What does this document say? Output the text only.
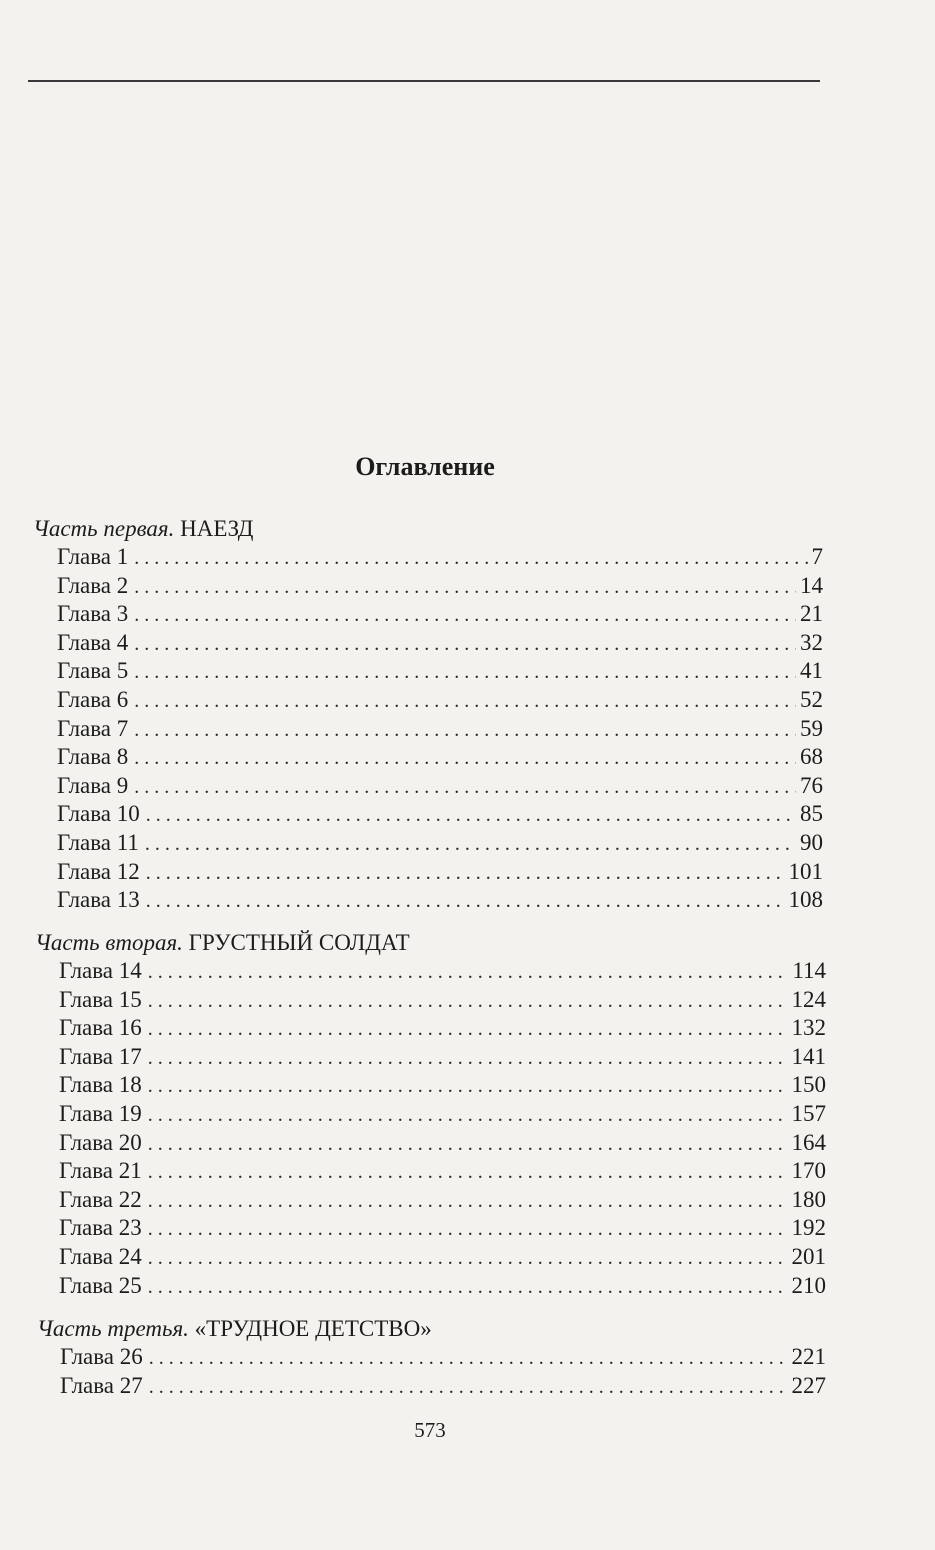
Оглавление
Часть первая. НАЕЗД
Глава 1 . . .	7
Глава 2 . . .	14
Глава 3 . . .	21
Глава 4 . . .	32
Глава 5 . . .	41
Глава 6 . . .	52
Глава 7 . . .	59
Глава 8 . . .	68
Глава 9 . . .	76
Глава 10 . . .	85
Глава 11 . . .	90
Глава 12 . . .	101
Глава 13 . . .	108
Часть вторая. ГРУСТНЫЙ СОЛДАТ
Глава 14 . . .	114
Глава 15 . . .	124
Глава 16 . . .	132
Глава 17 . . .	141
Глава 18 . . .	150
Глава 19 . . .	157
Глава 20 . . .	164
Глава 21 . . .	170
Глава 22 . . .	180
Глава 23 . . .	192
Глава 24 . . .	201
Глава 25 . . .	210
Часть третья. «ТРУДНОЕ ДЕТСТВО»
Глава 26 . . .	221
Глава 27 . . .	227
573
